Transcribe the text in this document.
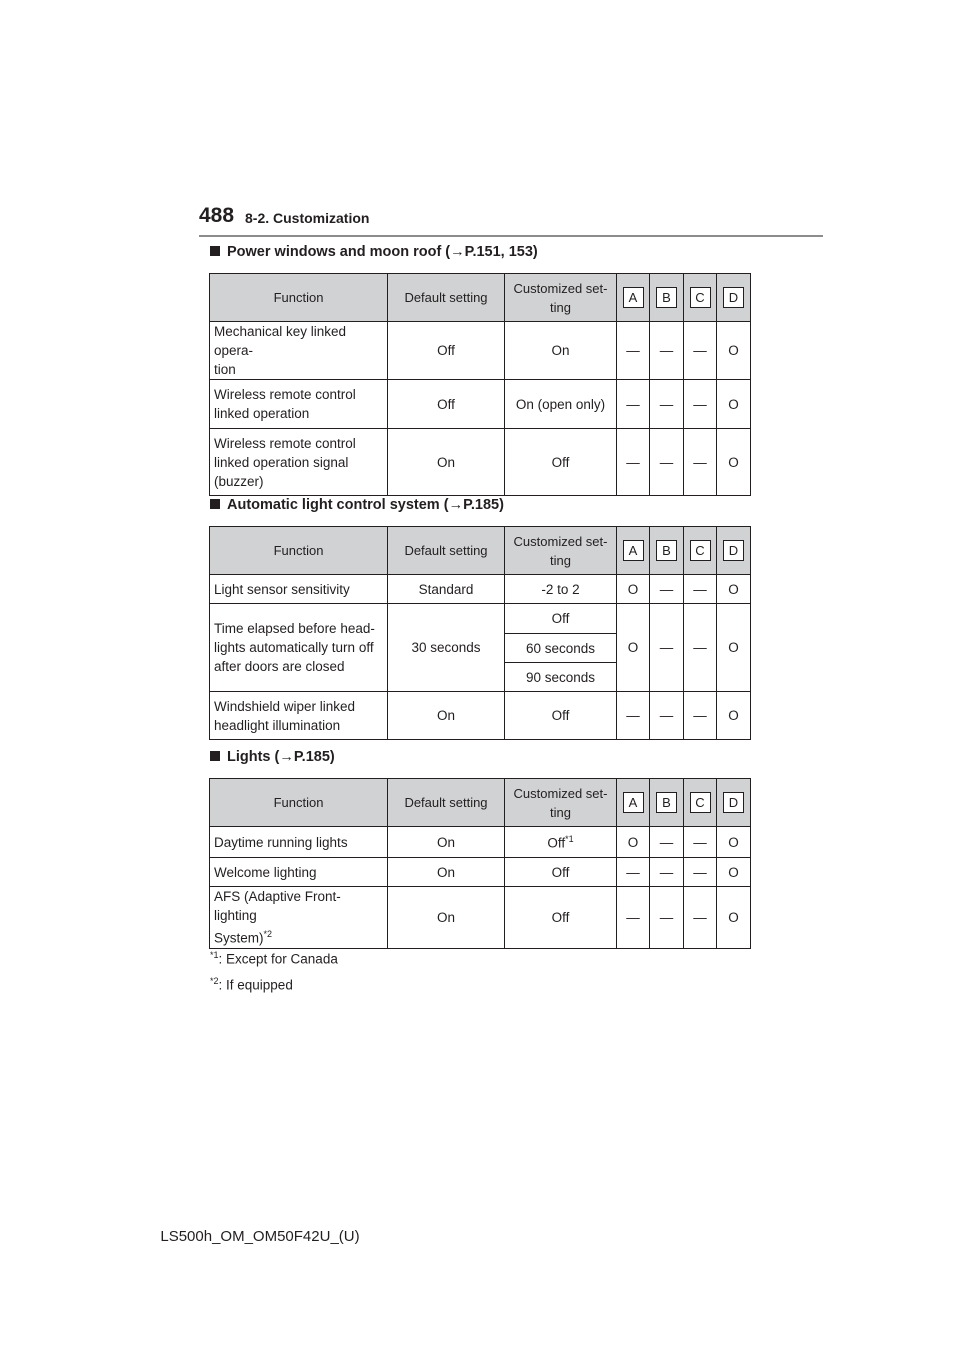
488 8-2. Customization
Power windows and moon roof (→P.151, 153)
Function	Default setting	Customized set-
ting	A	B	C	D
Mechanical key linked opera-
tion	Off	On	—	—	—	O
Wireless remote control
linked operation	Off	On (open only)	—	—	—	O
Wireless remote control
linked operation signal
(buzzer)	On	Off	—	—	—	O
Automatic light control system (→P.185)
Function	Default setting	Customized set-
ting	A	B	C	D
Light sensor sensitivity	Standard	-2 to 2	O	—	—	O
Time elapsed before head-
lights automatically turn off
after doors are closed	30 seconds	Off	O	—	—	O
		60 seconds				
		90 seconds				
Windshield wiper linked
headlight illumination	On	Off	—	—	—	O
Lights (→P.185)
Function	Default setting	Customized set-
ting	A	B	C	D
Daytime running lights	On	Off$^{*1}$	O	—	—	O
Welcome lighting	On	Off	—	—	—	O
AFS (Adaptive Front-lighting
System)$^{*2}$	On	Off	—	—	—	O
$^{*1}$: Except for Canada
$^{*2}$: If equipped
LS500h_OM_OM50F42U_(U)
